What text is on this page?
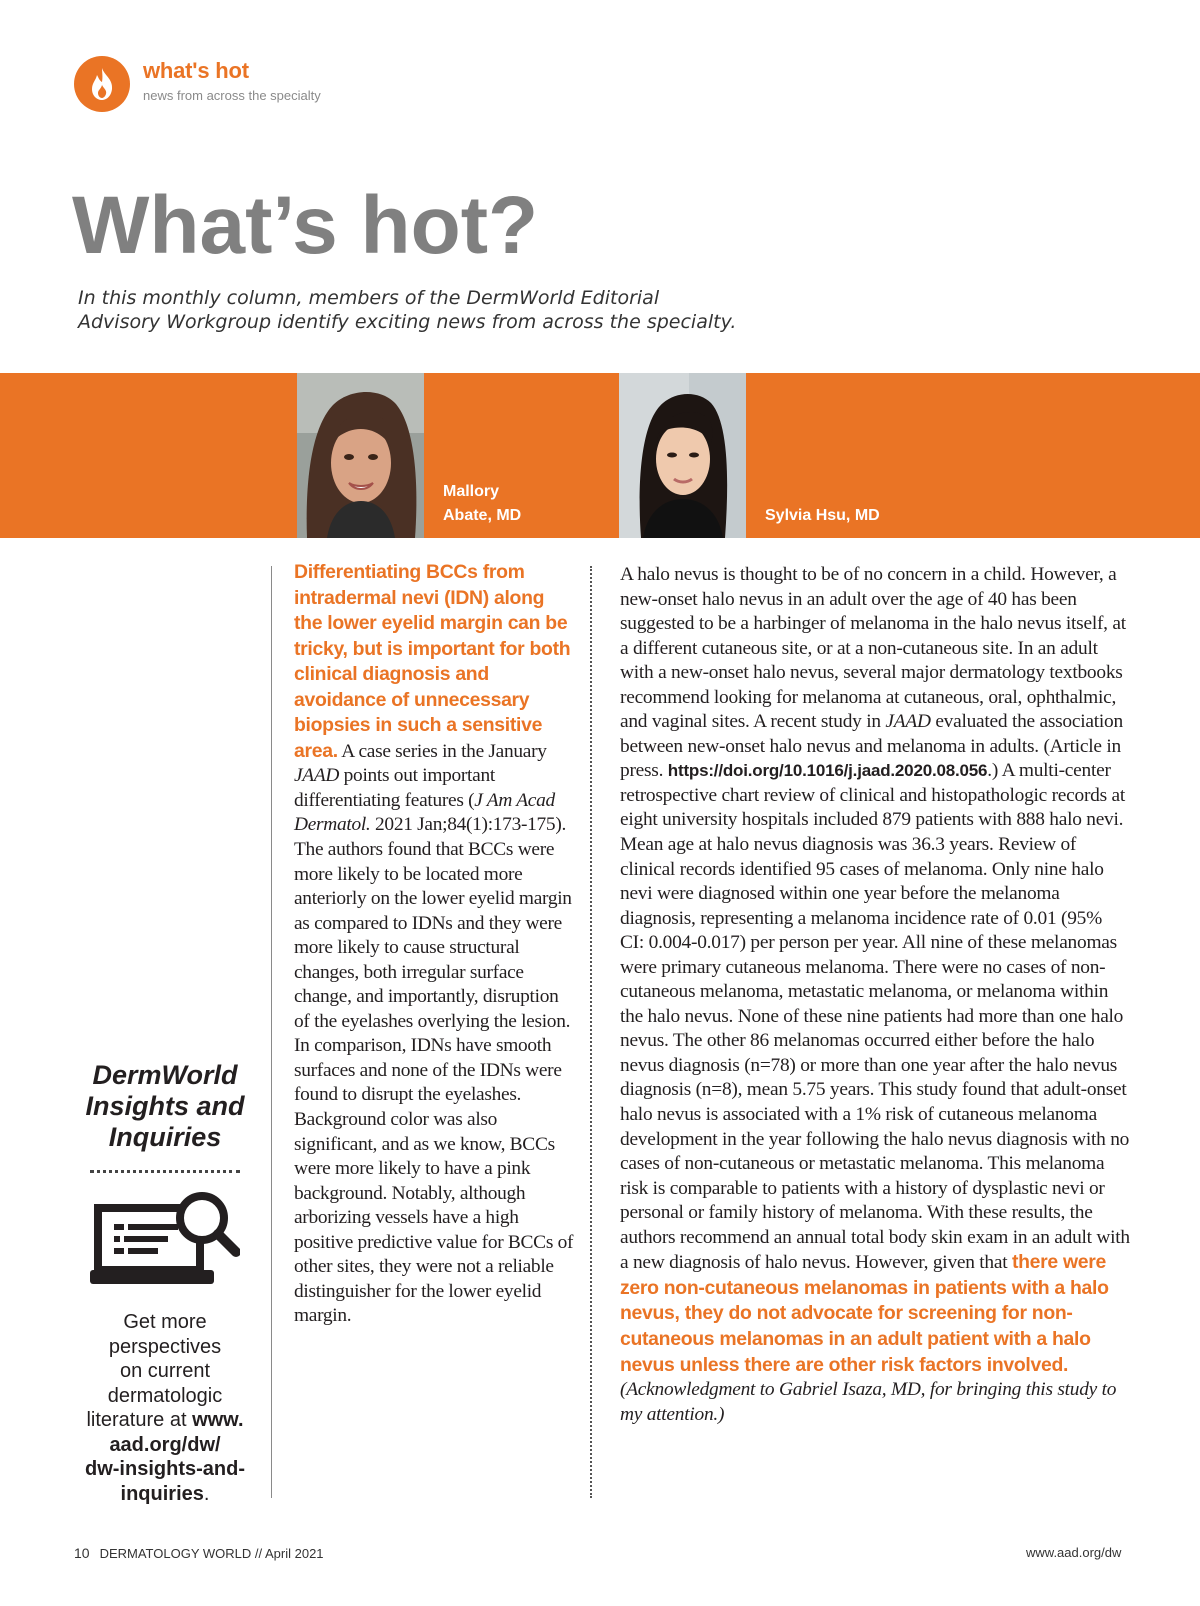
what's hot
news from across the specialty
What’s hot?

In this monthly column, members of the DermWorld Editorial

Advisory Workgroup identify exciting news from across the specialty.

Mallory
Abate, MD	Sylvia Hsu, MD
DermWorld
Insights and
Inquiries
Get more
perspectives
on current
dermatologic
literature at www.
aad.org/dw/
dw-insights-and-
inquiries.
Differentiating BCCs from intradermal nevi (IDN) along the lower eyelid margin can be tricky, but is important for both clinical diagnosis and avoidance of unnecessary biopsies in such a sensitive area. A case series in the January JAAD points out important differentiating features (J Am Acad Dermatol. 2021 Jan;84(1):173-175). The authors found that BCCs were more likely to be located more anteriorly on the lower eyelid margin as compared to IDNs and they were more likely to cause structural changes, both irregular surface change, and importantly, disruption of the eyelashes overlying the lesion. In comparison, IDNs have smooth surfaces and none of the IDNs were found to disrupt the eyelashes. Background color was also significant, and as we know, BCCs were more likely to have a pink background. Notably, although arborizing vessels have a high positive predictive value for BCCs of other sites, they were not a reliable distinguisher for the lower eyelid margin.
A halo nevus is thought to be of no concern in a child. However, a new-onset halo nevus in an adult over the age of 40 has been suggested to be a harbinger of melanoma in the halo nevus itself, at a different cutaneous site, or at a non-cutaneous site. In an adult with a new-onset halo nevus, several major dermatology textbooks recommend looking for melanoma at cutaneous, oral, ophthalmic, and vaginal sites. A recent study in JAAD evaluated the association between new-onset halo nevus and melanoma in adults. (Article in press. https://doi.org/10.1016/j.jaad.2020.08.056.) A multi-center retrospective chart review of clinical and histopathologic records at eight university hospitals included 879 patients with 888 halo nevi. Mean age at halo nevus diagnosis was 36.3 years. Review of clinical records identified 95 cases of melanoma. Only nine halo nevi were diagnosed within one year before the melanoma diagnosis, representing a melanoma incidence rate of 0.01 (95% CI: 0.004-0.017) per person per year. All nine of these melanomas were primary cutaneous melanoma. There were no cases of non-cutaneous melanoma, metastatic melanoma, or melanoma within the halo nevus. None of these nine patients had more than one halo nevus. The other 86 melanomas occurred either before the halo nevus diagnosis (n=78) or more than one year after the halo nevus diagnosis (n=8), mean 5.75 years. This study found that adult-onset halo nevus is associated with a 1% risk of cutaneous melanoma development in the year following the halo nevus diagnosis with no cases of non-cutaneous or metastatic melanoma. This melanoma risk is comparable to patients with a history of dysplastic nevi or personal or family history of melanoma. With these results, the authors recommend an annual total body skin exam in an adult with a new diagnosis of halo nevus. However, given that there were zero non-cutaneous melanomas in patients with a halo nevus, they do not advocate for screening for non-cutaneous melanomas in an adult patient with a halo nevus unless there are other risk factors involved. (Acknowledgment to Gabriel Isaza, MD, for bringing this study to my attention.)
10 DERMATOLOGY WORLD // April 2021	www.aad.org/dw
